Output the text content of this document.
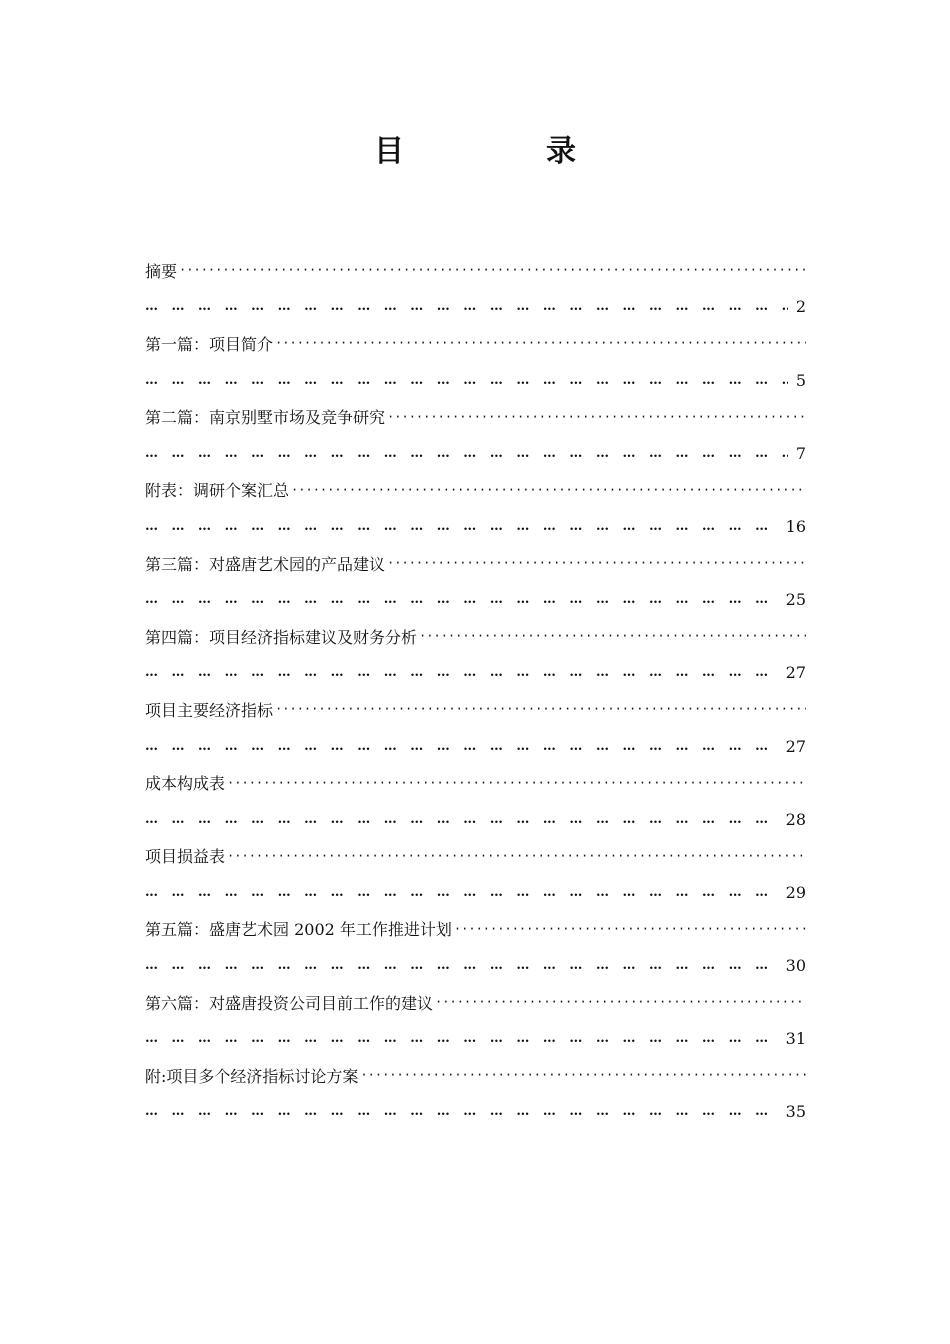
目　录
摘要
·····
… … … … … … … … … … … … … … … … … … … … … … … … … … … … … … … … … … … … … …
2
第一篇：项目简介
·····
… … … … … … … … … … … … … … … … … … … … … … … … … … … … … … … … … … … … … …
5
第二篇：南京别墅市场及竞争研究
·····
… … … … … … … … … … … … … … … … … … … … … … … … … … … … … … … … … … … … … …
7
附表：调研个案汇总
·····
… … … … … … … … … … … … … … … … … … … … … … … … … … … … … … … … … … … … … …
16
第三篇：对盛唐艺术园的产品建议
·····
… … … … … … … … … … … … … … … … … … … … … … … … … … … … … … … … … … … … … …
25
第四篇：项目经济指标建议及财务分析
·····
… … … … … … … … … … … … … … … … … … … … … … … … … … … … … … … … … … … … … …
27
项目主要经济指标
·····
… … … … … … … … … … … … … … … … … … … … … … … … … … … … … … … … … … … … … …
27
成本构成表
·····
… … … … … … … … … … … … … … … … … … … … … … … … … … … … … … … … … … … … … …
28
项目损益表
·····
… … … … … … … … … … … … … … … … … … … … … … … … … … … … … … … … … … … … … …
29
第五篇：盛唐艺术园 2002 年工作推进计划
·····
… … … … … … … … … … … … … … … … … … … … … … … … … … … … … … … … … … … … … …
30
第六篇：对盛唐投资公司目前工作的建议
·····
… … … … … … … … … … … … … … … … … … … … … … … … … … … … … … … … … … … … … …
31
附:项目多个经济指标讨论方案
·····
… … … … … … … … … … … … … … … … … … … … … … … … … … … … … … … … … … … … … …
35
